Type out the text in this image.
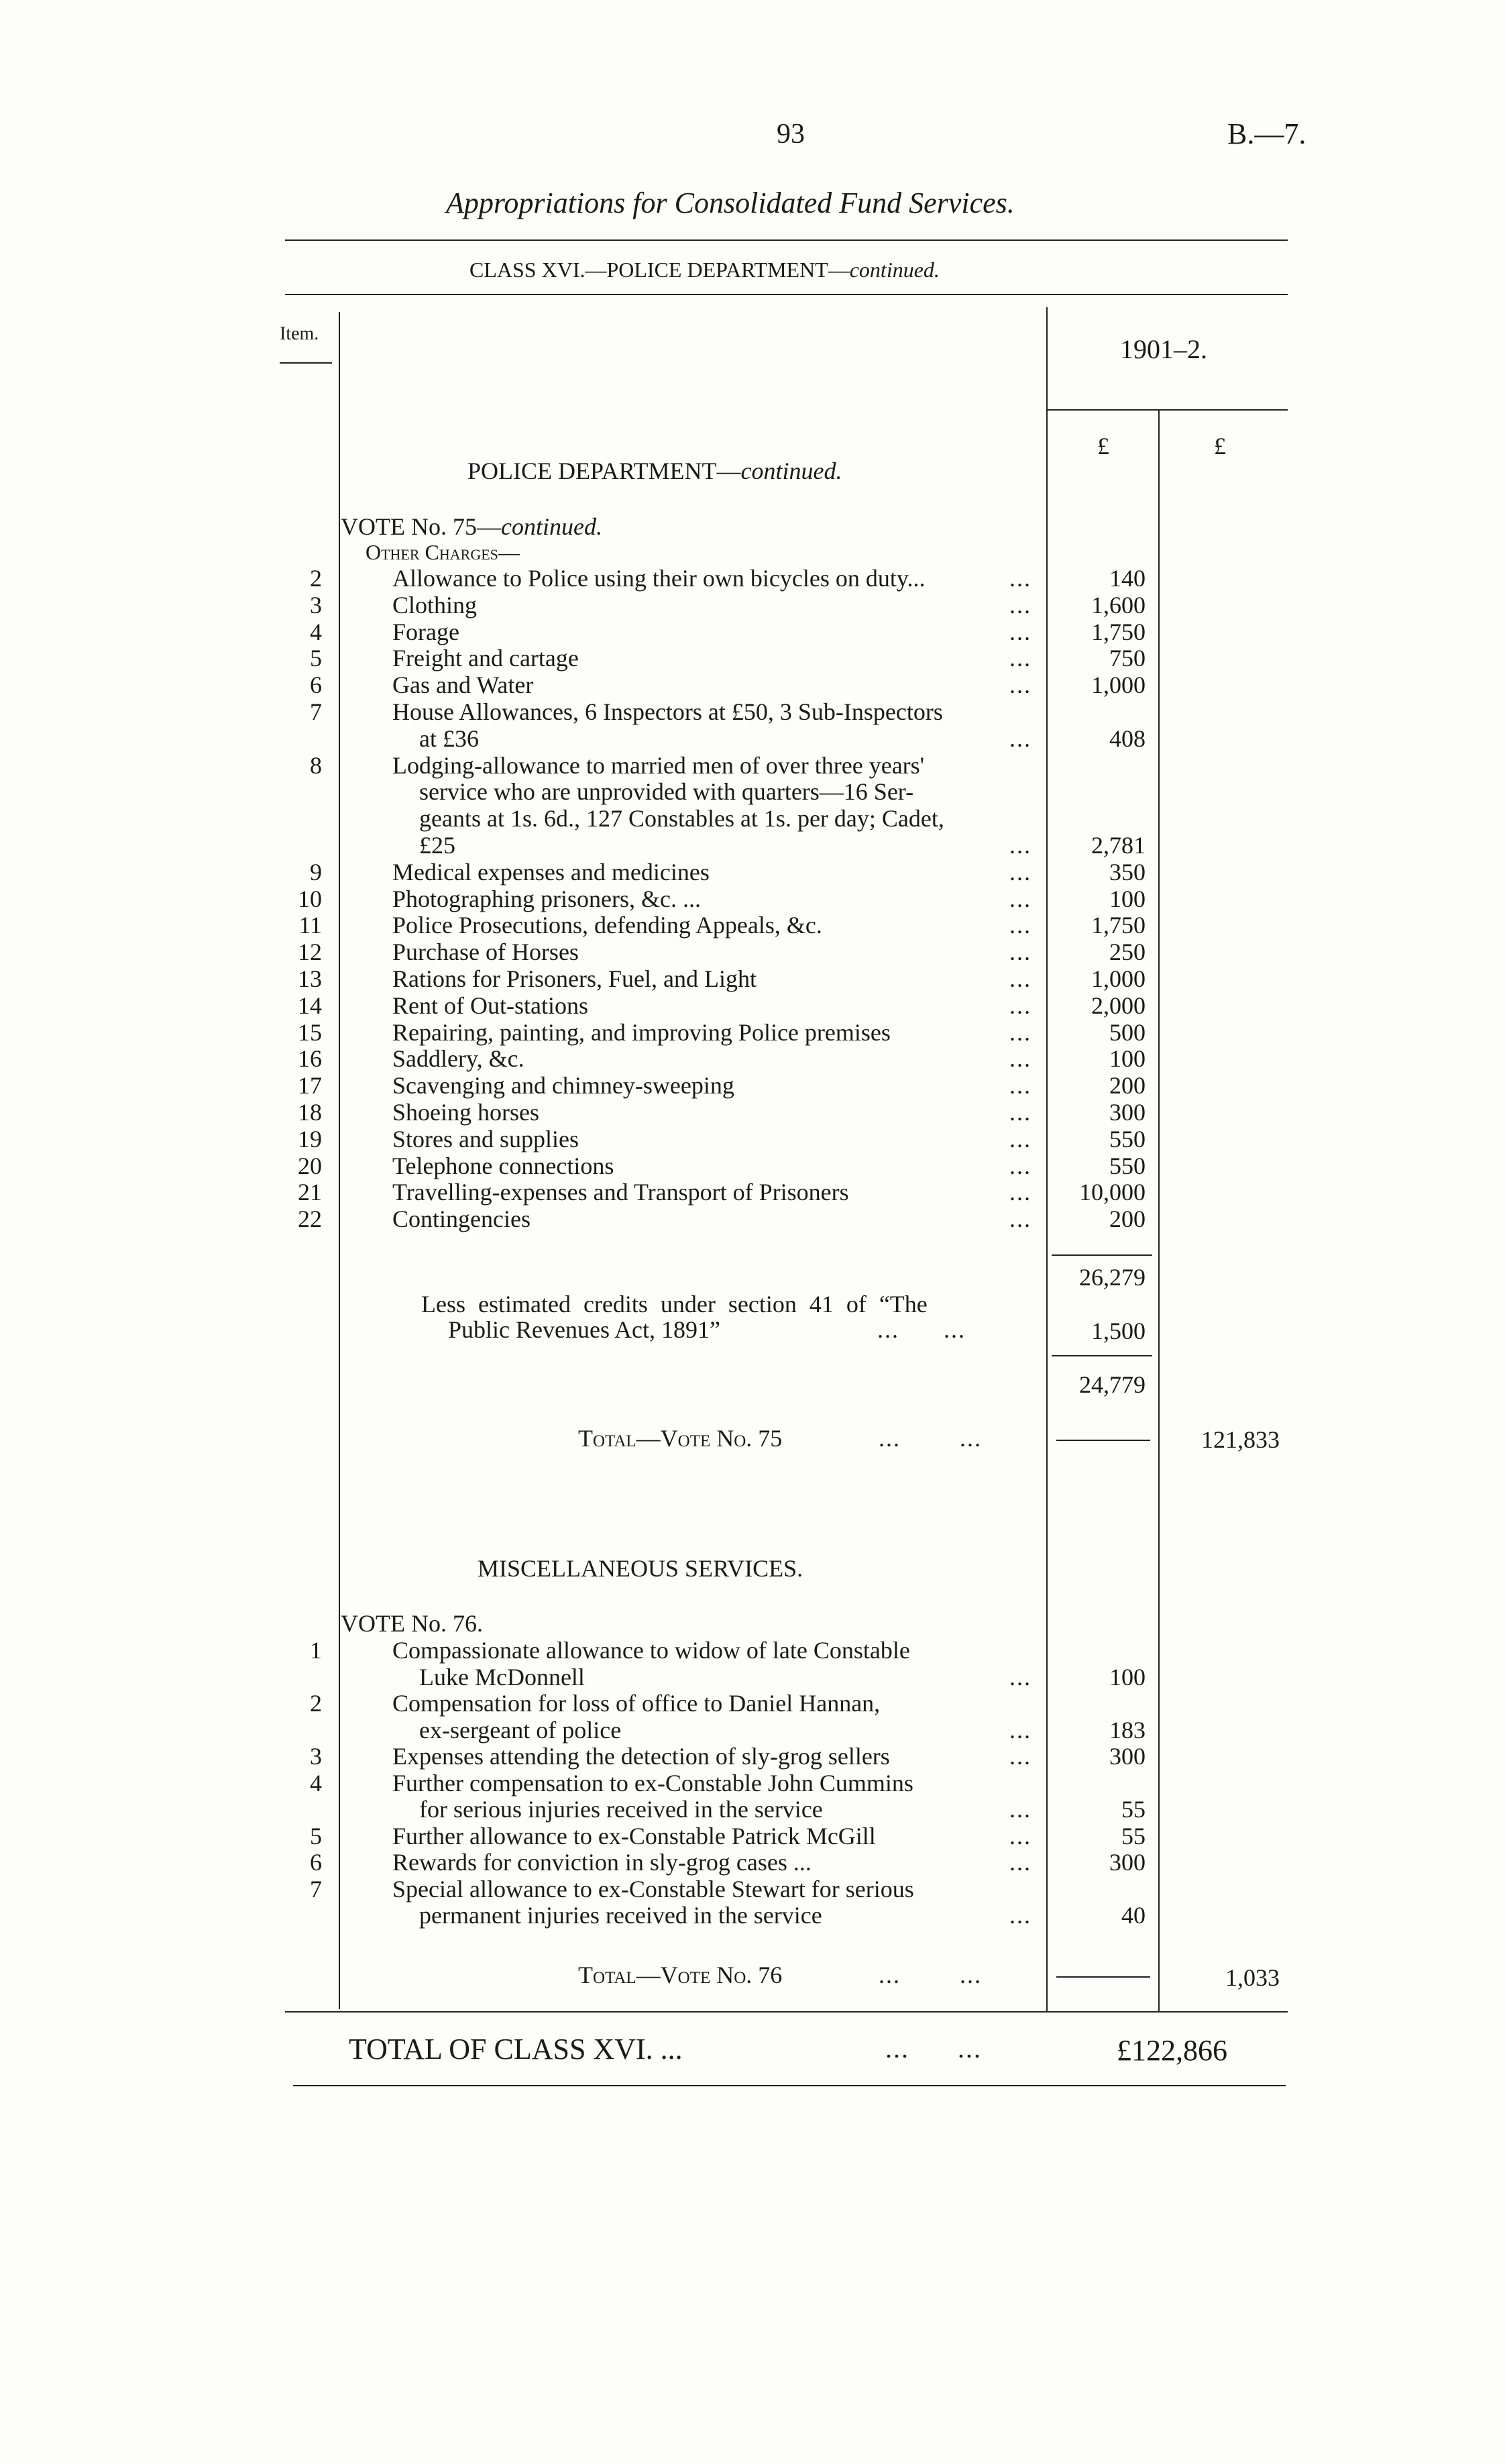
93	B.—7.
Appropriations for Consolidated Fund Services.
CLASS XVI.—POLICE DEPARTMENT—continued.
Item.
1901–2.
£	£
POLICE DEPARTMENT—continued.
VOTE No. 75—continued.
Other Charges—
2	Allowance to Police using their own bicycles on duty...	...	140
3	Clothing	...	1,600
4	Forage	...	1,750
5	Freight and cartage	...	750
6	Gas and Water	...	1,000
7	House Allowances, 6 Inspectors at £50, 3 Sub-Inspectors
at £36	...	408
8	Lodging-allowance to married men of over three years'
service who are unprovided with quarters—16 Ser-
geants at 1s. 6d., 127 Constables at 1s. per day; Cadet,
£25	...	2,781
9	Medical expenses and medicines	...	350
10	Photographing prisoners, &c. ...	...	100
11	Police Prosecutions, defending Appeals, &c.	...	1,750
12	Purchase of Horses	...	250
13	Rations for Prisoners, Fuel, and Light	...	1,000
14	Rent of Out-stations	...	2,000
15	Repairing, painting, and improving Police premises	...	500
16	Saddlery, &c.	...	100
17	Scavenging and chimney-sweeping	...	200
18	Shoeing horses	...	300
19	Stores and supplies	...	550
20	Telephone connections	...	550
21	Travelling-expenses and Transport of Prisoners	...	10,000
22	Contingencies	...	200
26,279
Less estimated credits under section 41 of “The
Public Revenues Act, 1891”	...      ...	1,500
24,779
Total—Vote No. 75	...        ...	121,833
MISCELLANEOUS SERVICES.
VOTE No. 76.
1	Compassionate allowance to widow of late Constable
Luke McDonnell	...	100
2	Compensation for loss of office to Daniel Hannan,
ex-sergeant of police	...	183
3	Expenses attending the detection of sly-grog sellers	...	300
4	Further compensation to ex-Constable John Cummins
for serious injuries received in the service	...	55
5	Further allowance to ex-Constable Patrick McGill	...	55
6	Rewards for conviction in sly-grog cases ...	...	300
7	Special allowance to ex-Constable Stewart for serious
permanent injuries received in the service	...	40
Total—Vote No. 76	...        ...	1,033
TOTAL OF CLASS XVI. ...	...      ...	£122,866
